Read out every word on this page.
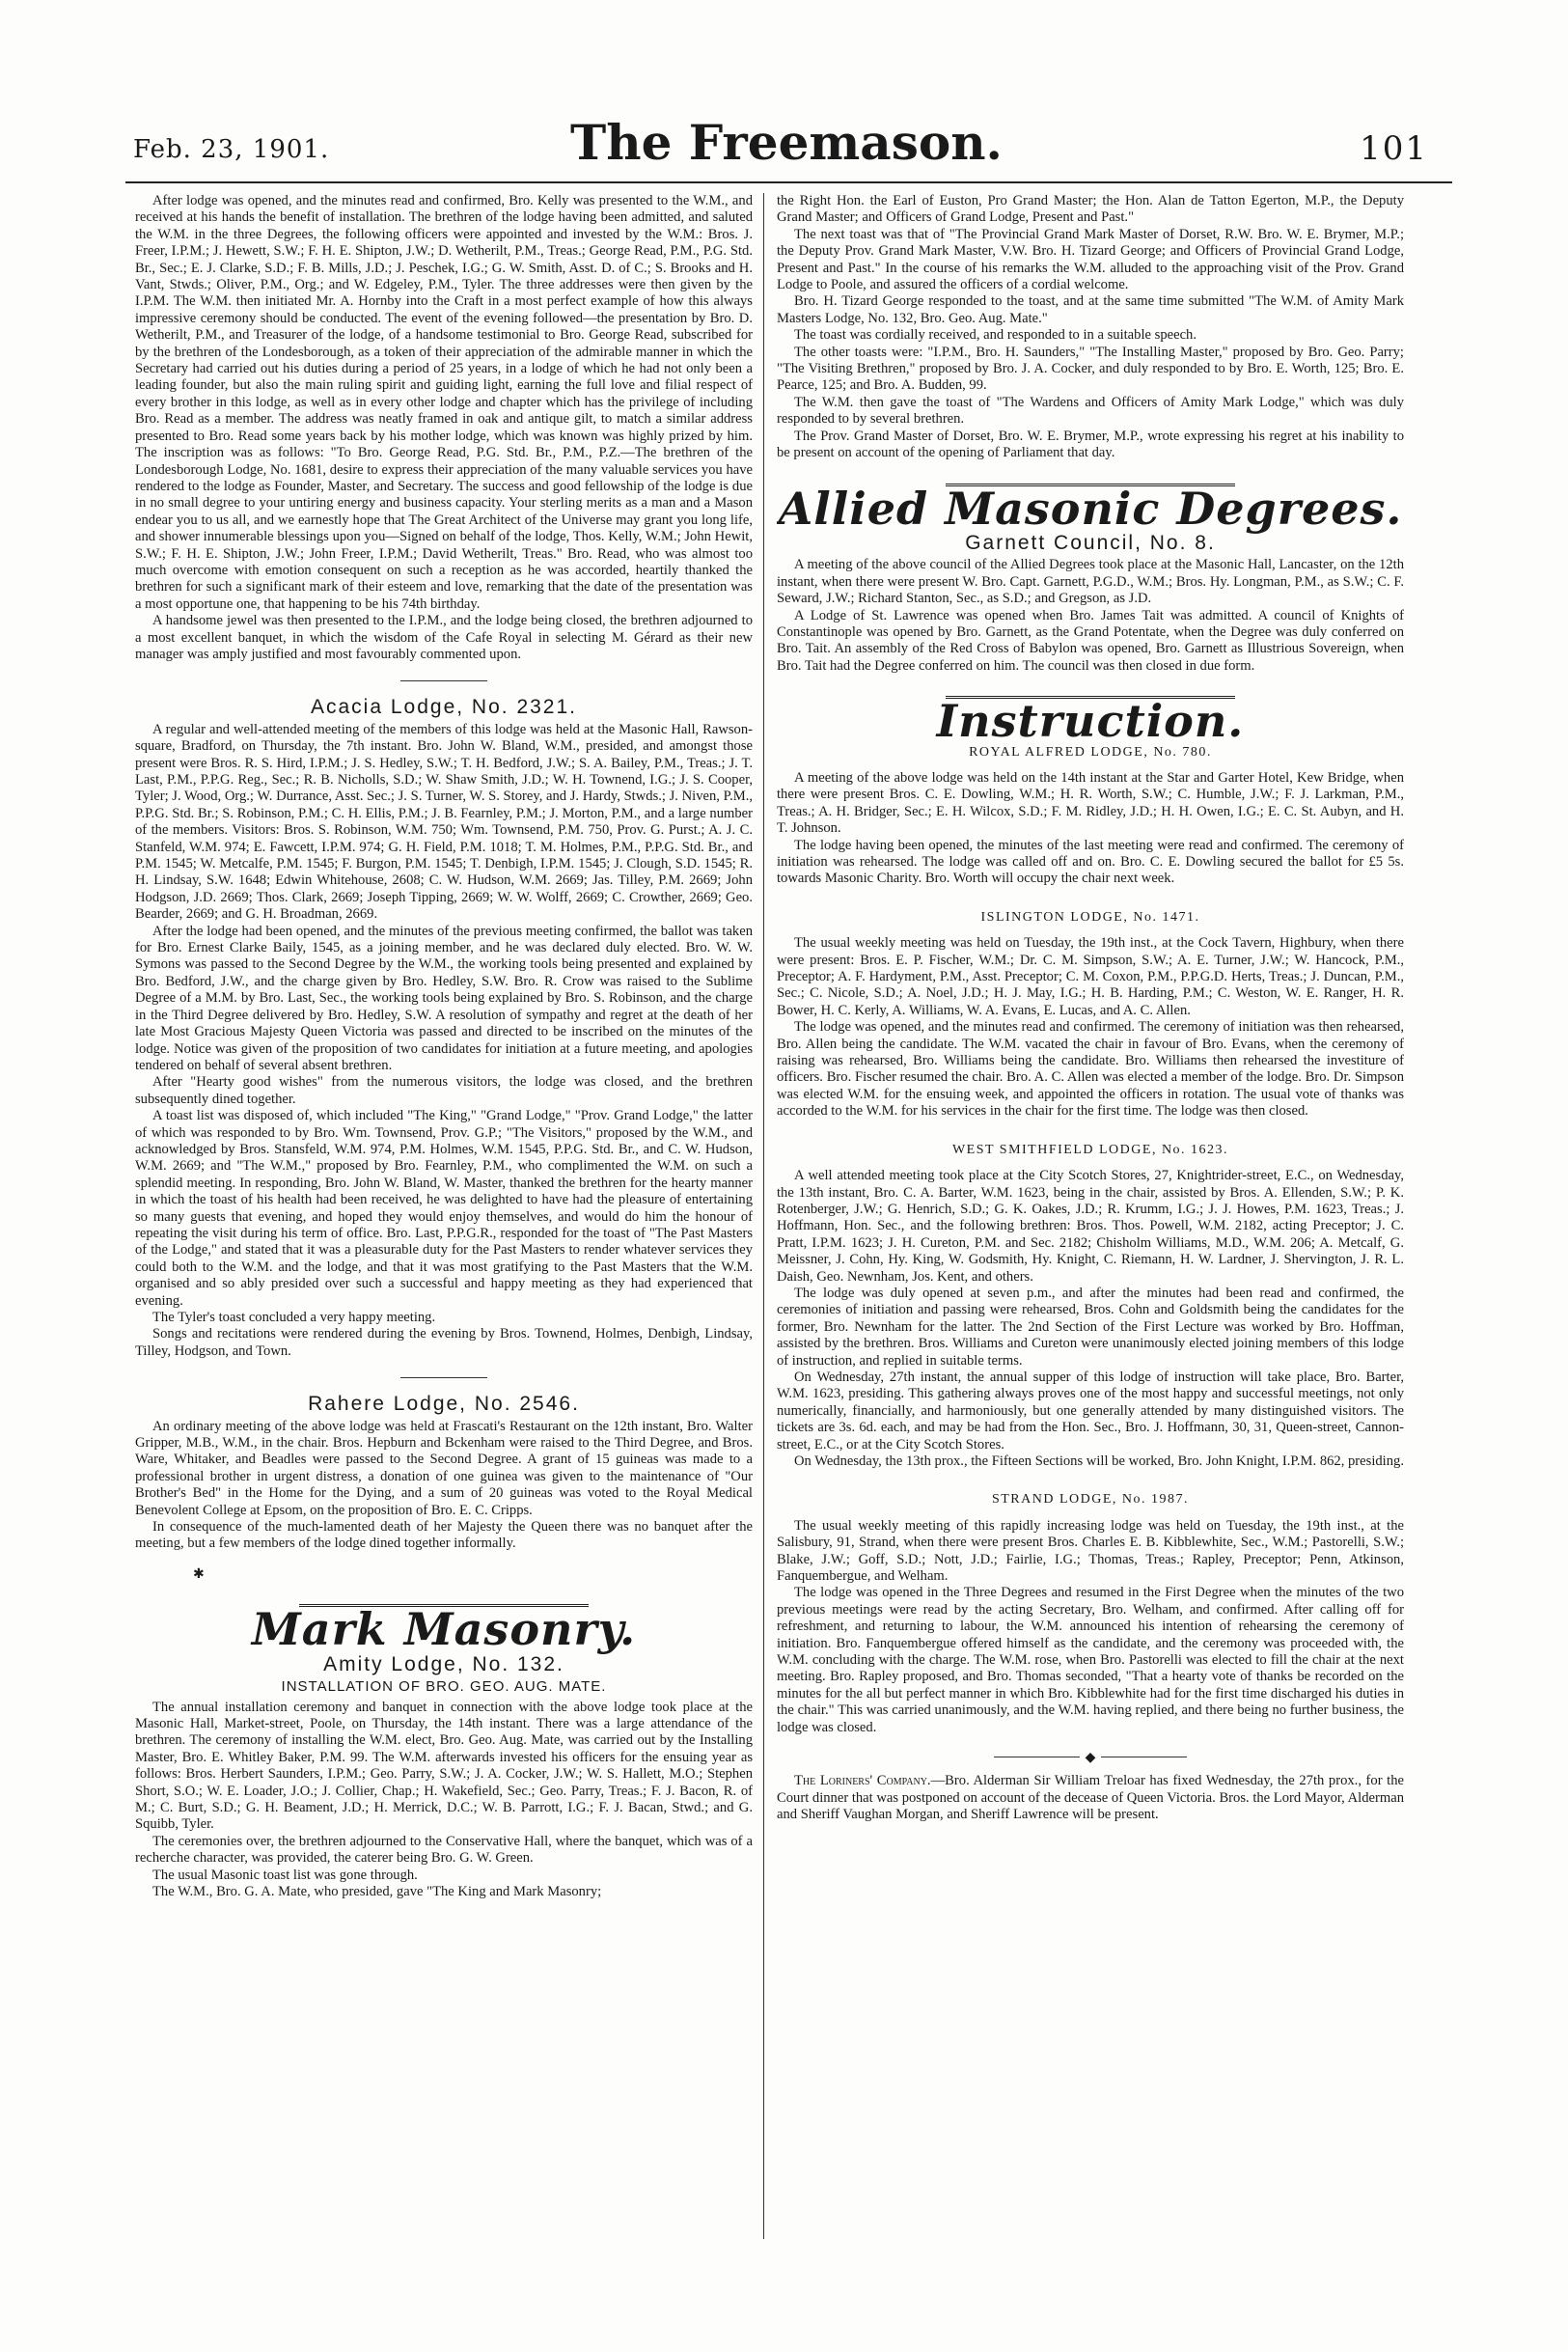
Feb. 23, 1901.	The Freemason.	101

After lodge was opened, and the minutes read and confirmed, Bro. Kelly was presented to the W.M., and received at his hands the benefit of installation. The brethren of the lodge having been admitted, and saluted the W.M. in the three Degrees, the following officers were appointed and invested by the W.M.: Bros. J. Freer, I.P.M.; J. Hewett, S.W.; F. H. E. Shipton, J.W.; D. Wetherilt, P.M., Treas.; George Read, P.M., P.G. Std. Br., Sec.; E. J. Clarke, S.D.; F. B. Mills, J.D.; J. Peschek, I.G.; G. W. Smith, Asst. D. of C.; S. Brooks and H. Vant, Stwds.; Oliver, P.M., Org.; and W. Edgeley, P.M., Tyler. The three addresses were then given by the I.P.M. The W.M. then initiated Mr. A. Hornby into the Craft in a most perfect example of how this always impressive ceremony should be conducted. The event of the evening followed—the presentation by Bro. D. Wetherilt, P.M., and Treasurer of the lodge, of a handsome testimonial to Bro. George Read, subscribed for by the brethren of the Londesborough, as a token of their appreciation of the admirable manner in which the Secretary had carried out his duties during a period of 25 years, in a lodge of which he had not only been a leading founder, but also the main ruling spirit and guiding light, earning the full love and filial respect of every brother in this lodge, as well as in every other lodge and chapter which has the privilege of including Bro. Read as a member. The address was neatly framed in oak and antique gilt, to match a similar address presented to Bro. Read some years back by his mother lodge, which was known was highly prized by him. The inscription was as follows: "To Bro. George Read, P.G. Std. Br., P.M., P.Z.—The brethren of the Londesborough Lodge, No. 1681, desire to express their appreciation of the many valuable services you have rendered to the lodge as Founder, Master, and Secretary. The success and good fellowship of the lodge is due in no small degree to your untiring energy and business capacity. Your sterling merits as a man and a Mason endear you to us all, and we earnestly hope that The Great Architect of the Universe may grant you long life, and shower innumerable blessings upon you—Signed on behalf of the lodge, Thos. Kelly, W.M.; John Hewit, S.W.; F. H. E. Shipton, J.W.; John Freer, I.P.M.; David Wetherilt, Treas." Bro. Read, who was almost too much overcome with emotion consequent on such a reception as he was accorded, heartily thanked the brethren for such a significant mark of their esteem and love, remarking that the date of the presentation was a most opportune one, that happening to be his 74th birthday.

A handsome jewel was then presented to the I.P.M., and the lodge being closed, the brethren adjourned to a most excellent banquet, in which the wisdom of the Cafe Royal in selecting M. Gérard as their new manager was amply justified and most favourably commented upon.

Acacia Lodge, No. 2321.

A regular and well-attended meeting of the members of this lodge was held at the Masonic Hall, Rawson-square, Bradford, on Thursday, the 7th instant. Bro. John W. Bland, W.M., presided, and amongst those present were Bros. R. S. Hird, I.P.M.; J. S. Hedley, S.W.; T. H. Bedford, J.W.; S. A. Bailey, P.M., Treas.; J. T. Last, P.M., P.P.G. Reg., Sec.; R. B. Nicholls, S.D.; W. Shaw Smith, J.D.; W. H. Townend, I.G.; J. S. Cooper, Tyler; J. Wood, Org.; W. Durrance, Asst. Sec.; J. S. Turner, W. S. Storey, and J. Hardy, Stwds.; J. Niven, P.M., P.P.G. Std. Br.; S. Robinson, P.M.; C. H. Ellis, P.M.; J. B. Fearnley, P.M.; J. Morton, P.M., and a large number of the members. Visitors: Bros. S. Robinson, W.M. 750; Wm. Townsend, P.M. 750, Prov. G. Purst.; A. J. C. Stanfeld, W.M. 974; E. Fawcett, I.P.M. 974; G. H. Field, P.M. 1018; T. M. Holmes, P.M., P.P.G. Std. Br., and P.M. 1545; W. Metcalfe, P.M. 1545; F. Burgon, P.M. 1545; T. Denbigh, I.P.M. 1545; J. Clough, S.D. 1545; R. H. Lindsay, S.W. 1648; Edwin Whitehouse, 2608; C. W. Hudson, W.M. 2669; Jas. Tilley, P.M. 2669; John Hodgson, J.D. 2669; Thos. Clark, 2669; Joseph Tipping, 2669; W. W. Wolff, 2669; C. Crowther, 2669; Geo. Bearder, 2669; and G. H. Broadman, 2669.

After the lodge had been opened, and the minutes of the previous meeting confirmed, the ballot was taken for Bro. Ernest Clarke Baily, 1545, as a joining member, and he was declared duly elected. Bro. W. W. Symons was passed to the Second Degree by the W.M., the working tools being presented and explained by Bro. Bedford, J.W., and the charge given by Bro. Hedley, S.W. Bro. R. Crow was raised to the Sublime Degree of a M.M. by Bro. Last, Sec., the working tools being explained by Bro. S. Robinson, and the charge in the Third Degree delivered by Bro. Hedley, S.W. A resolution of sympathy and regret at the death of her late Most Gracious Majesty Queen Victoria was passed and directed to be inscribed on the minutes of the lodge. Notice was given of the proposition of two candidates for initiation at a future meeting, and apologies tendered on behalf of several absent brethren.

After "Hearty good wishes" from the numerous visitors, the lodge was closed, and the brethren subsequently dined together.

A toast list was disposed of, which included "The King," "Grand Lodge," "Prov. Grand Lodge," the latter of which was responded to by Bro. Wm. Townsend, Prov. G.P.; "The Visitors," proposed by the W.M., and acknowledged by Bros. Stansfeld, W.M. 974, P.M. Holmes, W.M. 1545, P.P.G. Std. Br., and C. W. Hudson, W.M. 2669; and "The W.M.," proposed by Bro. Fearnley, P.M., who complimented the W.M. on such a splendid meeting. In responding, Bro. John W. Bland, W. Master, thanked the brethren for the hearty manner in which the toast of his health had been received, he was delighted to have had the pleasure of entertaining so many guests that evening, and hoped they would enjoy themselves, and would do him the honour of repeating the visit during his term of office. Bro. Last, P.P.G.R., responded for the toast of "The Past Masters of the Lodge," and stated that it was a pleasurable duty for the Past Masters to render whatever services they could both to the W.M. and the lodge, and that it was most gratifying to the Past Masters that the W.M. organised and so ably presided over such a successful and happy meeting as they had experienced that evening.

The Tyler's toast concluded a very happy meeting.

Songs and recitations were rendered during the evening by Bros. Townend, Holmes, Denbigh, Lindsay, Tilley, Hodgson, and Town.

Rahere Lodge, No. 2546.

An ordinary meeting of the above lodge was held at Frascati's Restaurant on the 12th instant, Bro. Walter Gripper, M.B., W.M., in the chair. Bros. Hepburn and Bckenham were raised to the Third Degree, and Bros. Ware, Whitaker, and Beadles were passed to the Second Degree. A grant of 15 guineas was made to a professional brother in urgent distress, a donation of one guinea was given to the maintenance of "Our Brother's Bed" in the Home for the Dying, and a sum of 20 guineas was voted to the Royal Medical Benevolent College at Epsom, on the proposition of Bro. E. C. Cripps.

In consequence of the much-lamented death of her Majesty the Queen there was no banquet after the meeting, but a few members of the lodge dined together informally.

✱
Mark Masonry.
Amity Lodge, No. 132.
INSTALLATION OF BRO. GEO. AUG. MATE.

The annual installation ceremony and banquet in connection with the above lodge took place at the Masonic Hall, Market-street, Poole, on Thursday, the 14th instant. There was a large attendance of the brethren. The ceremony of installing the W.M. elect, Bro. Geo. Aug. Mate, was carried out by the Installing Master, Bro. E. Whitley Baker, P.M. 99. The W.M. afterwards invested his officers for the ensuing year as follows: Bros. Herbert Saunders, I.P.M.; Geo. Parry, S.W.; J. A. Cocker, J.W.; W. S. Hallett, M.O.; Stephen Short, S.O.; W. E. Loader, J.O.; J. Collier, Chap.; H. Wakefield, Sec.; Geo. Parry, Treas.; F. J. Bacon, R. of M.; C. Burt, S.D.; G. H. Beament, J.D.; H. Merrick, D.C.; W. B. Parrott, I.G.; F. J. Bacan, Stwd.; and G. Squibb, Tyler.

The ceremonies over, the brethren adjourned to the Conservative Hall, where the banquet, which was of a recherche character, was provided, the caterer being Bro. G. W. Green.

The usual Masonic toast list was gone through.

The W.M., Bro. G. A. Mate, who presided, gave "The King and Mark Masonry;

the Right Hon. the Earl of Euston, Pro Grand Master; the Hon. Alan de Tatton Egerton, M.P., the Deputy Grand Master; and Officers of Grand Lodge, Present and Past."

The next toast was that of "The Provincial Grand Mark Master of Dorset, R.W. Bro. W. E. Brymer, M.P.; the Deputy Prov. Grand Mark Master, V.W. Bro. H. Tizard George; and Officers of Provincial Grand Lodge, Present and Past." In the course of his remarks the W.M. alluded to the approaching visit of the Prov. Grand Lodge to Poole, and assured the officers of a cordial welcome.

Bro. H. Tizard George responded to the toast, and at the same time submitted "The W.M. of Amity Mark Masters Lodge, No. 132, Bro. Geo. Aug. Mate."

The toast was cordially received, and responded to in a suitable speech.

The other toasts were: "I.P.M., Bro. H. Saunders," "The Installing Master," proposed by Bro. Geo. Parry; "The Visiting Brethren," proposed by Bro. J. A. Cocker, and duly responded to by Bro. E. Worth, 125; Bro. E. Pearce, 125; and Bro. A. Budden, 99.

The W.M. then gave the toast of "The Wardens and Officers of Amity Mark Lodge," which was duly responded to by several brethren.

The Prov. Grand Master of Dorset, Bro. W. E. Brymer, M.P., wrote expressing his regret at his inability to be present on account of the opening of Parliament that day.

Allied Masonic Degrees.
Garnett Council, No. 8.

A meeting of the above council of the Allied Degrees took place at the Masonic Hall, Lancaster, on the 12th instant, when there were present W. Bro. Capt. Garnett, P.G.D., W.M.; Bros. Hy. Longman, P.M., as S.W.; C. F. Seward, J.W.; Richard Stanton, Sec., as S.D.; and Gregson, as J.D.

A Lodge of St. Lawrence was opened when Bro. James Tait was admitted. A council of Knights of Constantinople was opened by Bro. Garnett, as the Grand Potentate, when the Degree was duly conferred on Bro. Tait. An assembly of the Red Cross of Babylon was opened, Bro. Garnett as Illustrious Sovereign, when Bro. Tait had the Degree conferred on him. The council was then closed in due form.

Instruction.
ROYAL ALFRED LODGE, No. 780.

A meeting of the above lodge was held on the 14th instant at the Star and Garter Hotel, Kew Bridge, when there were present Bros. C. E. Dowling, W.M.; H. R. Worth, S.W.; C. Humble, J.W.; F. J. Larkman, P.M., Treas.; A. H. Bridger, Sec.; E. H. Wilcox, S.D.; F. M. Ridley, J.D.; H. H. Owen, I.G.; E. C. St. Aubyn, and H. T. Johnson.

The lodge having been opened, the minutes of the last meeting were read and confirmed. The ceremony of initiation was rehearsed. The lodge was called off and on. Bro. C. E. Dowling secured the ballot for £5 5s. towards Masonic Charity. Bro. Worth will occupy the chair next week.

ISLINGTON LODGE, No. 1471.

The usual weekly meeting was held on Tuesday, the 19th inst., at the Cock Tavern, Highbury, when there were present: Bros. E. P. Fischer, W.M.; Dr. C. M. Simpson, S.W.; A. E. Turner, J.W.; W. Hancock, P.M., Preceptor; A. F. Hardyment, P.M., Asst. Preceptor; C. M. Coxon, P.M., P.P.G.D. Herts, Treas.; J. Duncan, P.M., Sec.; C. Nicole, S.D.; A. Noel, J.D.; H. J. May, I.G.; H. B. Harding, P.M.; C. Weston, W. E. Ranger, H. R. Bower, H. C. Kerly, A. Williams, W. A. Evans, E. Lucas, and A. C. Allen.

The lodge was opened, and the minutes read and confirmed. The ceremony of initiation was then rehearsed, Bro. Allen being the candidate. The W.M. vacated the chair in favour of Bro. Evans, when the ceremony of raising was rehearsed, Bro. Williams being the candidate. Bro. Williams then rehearsed the investiture of officers. Bro. Fischer resumed the chair. Bro. A. C. Allen was elected a member of the lodge. Bro. Dr. Simpson was elected W.M. for the ensuing week, and appointed the officers in rotation. The usual vote of thanks was accorded to the W.M. for his services in the chair for the first time. The lodge was then closed.

WEST SMITHFIELD LODGE, No. 1623.

A well attended meeting took place at the City Scotch Stores, 27, Knightrider-street, E.C., on Wednesday, the 13th instant, Bro. C. A. Barter, W.M. 1623, being in the chair, assisted by Bros. A. Ellenden, S.W.; P. K. Rotenberger, J.W.; G. Henrich, S.D.; G. K. Oakes, J.D.; R. Krumm, I.G.; J. J. Howes, P.M. 1623, Treas.; J. Hoffmann, Hon. Sec., and the following brethren: Bros. Thos. Powell, W.M. 2182, acting Preceptor; J. C. Pratt, I.P.M. 1623; J. H. Cureton, P.M. and Sec. 2182; Chisholm Williams, M.D., W.M. 206; A. Metcalf, G. Meissner, J. Cohn, Hy. King, W. Godsmith, Hy. Knight, C. Riemann, H. W. Lardner, J. Shervington, J. R. L. Daish, Geo. Newnham, Jos. Kent, and others.

The lodge was duly opened at seven p.m., and after the minutes had been read and confirmed, the ceremonies of initiation and passing were rehearsed, Bros. Cohn and Goldsmith being the candidates for the former, Bro. Newnham for the latter. The 2nd Section of the First Lecture was worked by Bro. Hoffman, assisted by the brethren. Bros. Williams and Cureton were unanimously elected joining members of this lodge of instruction, and replied in suitable terms.

On Wednesday, 27th instant, the annual supper of this lodge of instruction will take place, Bro. Barter, W.M. 1623, presiding. This gathering always proves one of the most happy and successful meetings, not only numerically, financially, and harmoniously, but one generally attended by many distinguished visitors. The tickets are 3s. 6d. each, and may be had from the Hon. Sec., Bro. J. Hoffmann, 30, 31, Queen-street, Cannon-street, E.C., or at the City Scotch Stores.

On Wednesday, the 13th prox., the Fifteen Sections will be worked, Bro. John Knight, I.P.M. 862, presiding.

STRAND LODGE, No. 1987.

The usual weekly meeting of this rapidly increasing lodge was held on Tuesday, the 19th inst., at the Salisbury, 91, Strand, when there were present Bros. Charles E. B. Kibblewhite, Sec., W.M.; Pastorelli, S.W.; Blake, J.W.; Goff, S.D.; Nott, J.D.; Fairlie, I.G.; Thomas, Treas.; Rapley, Preceptor; Penn, Atkinson, Fanquembergue, and Welham.

The lodge was opened in the Three Degrees and resumed in the First Degree when the minutes of the two previous meetings were read by the acting Secretary, Bro. Welham, and confirmed. After calling off for refreshment, and returning to labour, the W.M. announced his intention of rehearsing the ceremony of initiation. Bro. Fanquembergue offered himself as the candidate, and the ceremony was proceeded with, the W.M. concluding with the charge. The W.M. rose, when Bro. Pastorelli was elected to fill the chair at the next meeting. Bro. Rapley proposed, and Bro. Thomas seconded, "That a hearty vote of thanks be recorded on the minutes for the all but perfect manner in which Bro. Kibblewhite had for the first time discharged his duties in the chair." This was carried unanimously, and the W.M. having replied, and there being no further business, the lodge was closed.

◆

The Loriners' Company.—Bro. Alderman Sir William Treloar has fixed Wednesday, the 27th prox., for the Court dinner that was postponed on account of the decease of Queen Victoria. Bros. the Lord Mayor, Alderman and Sheriff Vaughan Morgan, and Sheriff Lawrence will be present.
